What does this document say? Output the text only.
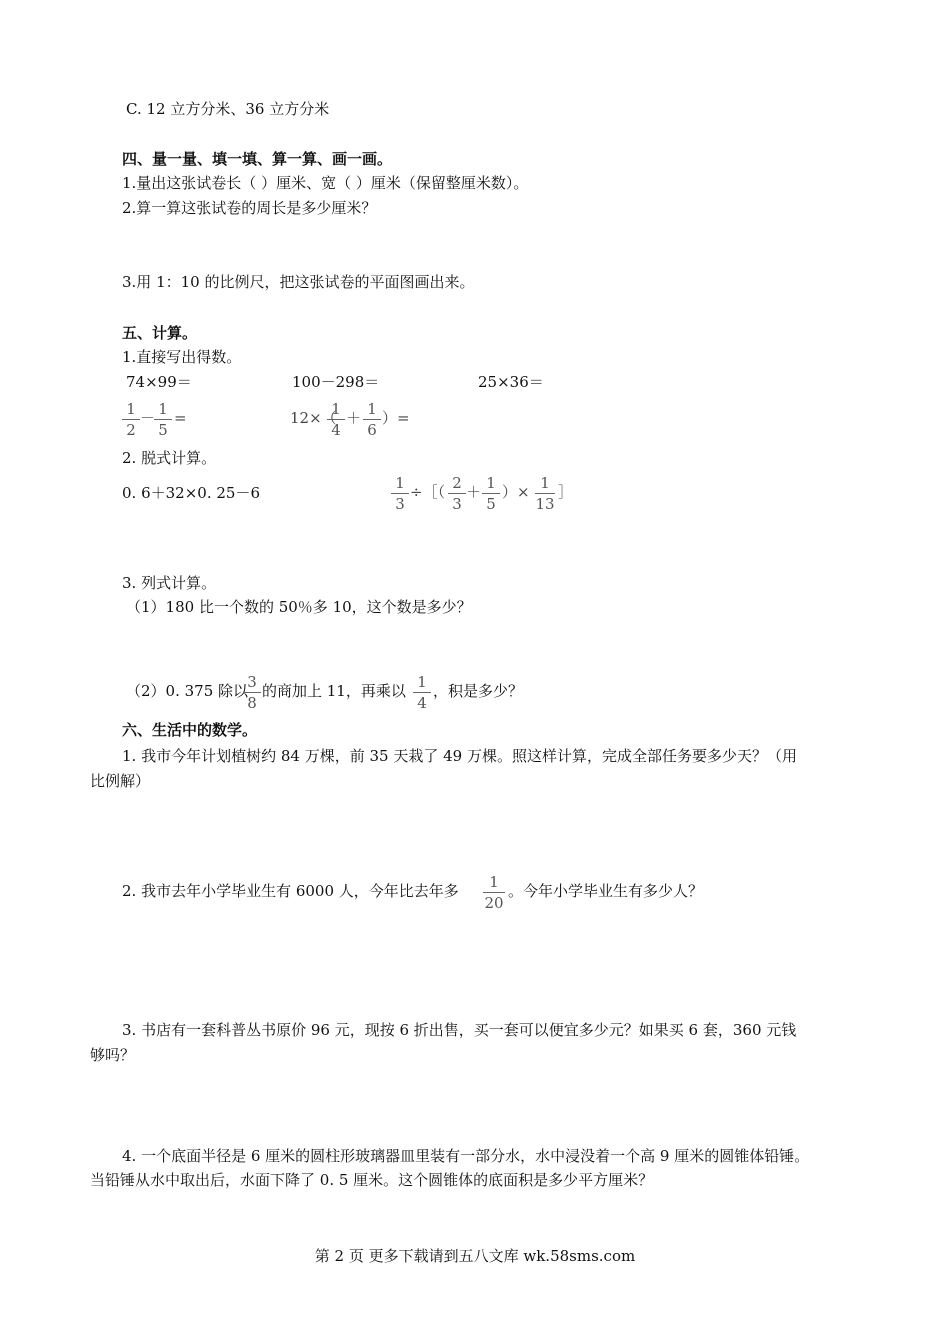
C. 12 立方分米、36 立方分米
四、量一量、填一填、算一算、画一画。
1.量出这张试卷长（ ）厘米、宽（ ）厘米（保留整厘米数）。
2.算一算这张试卷的周长是多少厘米？
3.用 1：10 的比例尺，把这张试卷的平面图画出来。
五、计算。
1.直接写出得数。
74×99＝	100－298＝	25×36＝
1
2
－ 1
5
=	12×（
1
4
＋ 1
6
）=
2. 脱式计算。
0. 6＋32×0. 25－6
1
3
÷［（ 2
3
＋ 1
5
）× 1
13
］
3. 列式计算。
（1）180 比一个数的 50％多 10，这个数是多少？
（2）0. 375 除以 3
8
的商加上 11，再乘以 1
4
，积是多少？
六、生活中的数学。
1. 我市今年计划植树约 84 万棵，前 35 天栽了 49 万棵。照这样计算，完成全部任务要多少天？（用
比例解）
2. 我市去年小学毕业生有 6000 人，今年比去年多	1
20
。今年小学毕业生有多少人？
3. 书店有一套科普丛书原价 96 元，现按 6 折出售，买一套可以便宜多少元？如果买 6 套，360 元钱
够吗？
4. 一个底面半径是 6 厘米的圆柱形玻璃器皿里装有一部分水，水中浸没着一个高 9 厘米的圆锥体铅锤。
当铅锤从水中取出后，水面下降了 0. 5 厘米。这个圆锥体的底面积是多少平方厘米？
第 2 页 更多下载请到五八文库 wk.58sms.com
